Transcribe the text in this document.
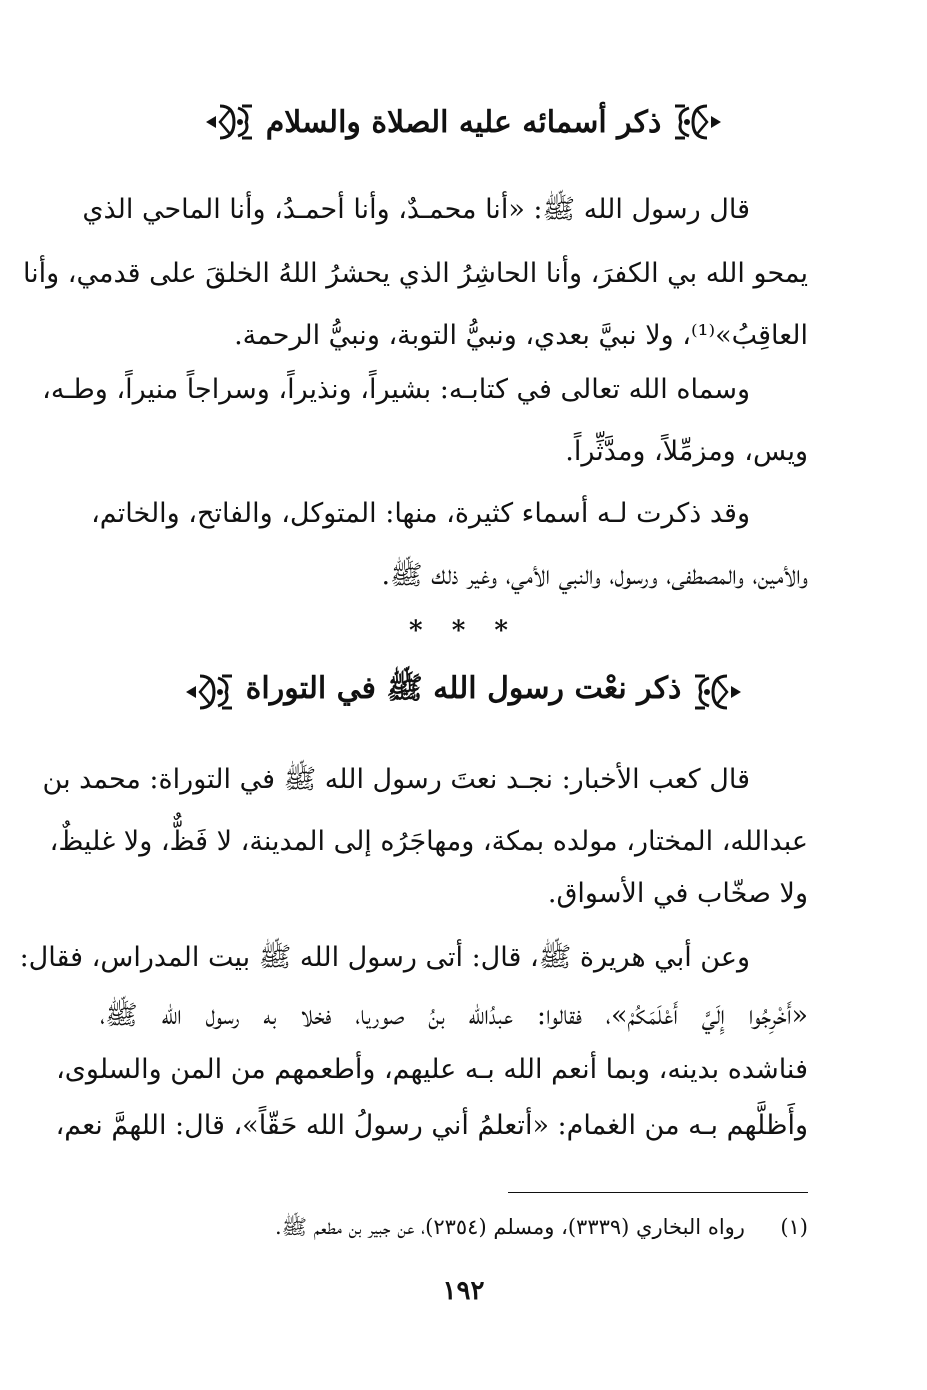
ذكر أسمائه عليه الصلاة والسلام
قال رسول الله ﷺ: «أنا محمـدٌ، وأنا أحمـدُ، وأنا الماحي الذي
يمحو الله بي الكفرَ، وأنا الحاشِرُ الذي يحشرُ اللهُ الخلقَ على قدمي، وأنا
العاقِبُ»⁽¹⁾، ولا نبيَّ بعدي، ونبيُّ التوبة، ونبيُّ الرحمة.
وسماه الله تعالى في كتابـه: بشيراً، ونذيراً، وسراجاً منيراً، وطـه،
ويس، ومزمِّلاً، ومدَّثِّراً.
وقد ذكرت لـه أسماء كثيرة، منها: المتوكل، والفاتح، والخاتم،
والأمين، والمصطفى، ورسول، والنبي الأمي، وغير ذلك ﷺ.
* * *
ذكر نعْت رسول الله ﷺ في التوراة
قال كعب الأخبار: نجـد نعتَ رسول الله ﷺ في التوراة: محمد بن
عبدالله، المختار، مولده بمكة، ومهاجَرُه إلى المدينة، لا فَظٌّ، ولا غليظٌ،
ولا صخّاب في الأسواق.
وعن أبي هريرة ﷺ، قال: أتى رسول الله ﷺ بيت المدراس، فقال:
«أَخْرِجُوا إِلَيَّ أَعْلَمَكُمْ»، فقالوا: عبدُالله بنُ صوريا، فخلا به رسول الله ﷺ،
فناشده بدينه، وبما أنعم الله بـه عليهم، وأطعمهم من المن والسلوى،
وأَظلَّهم بـه من الغمام: «أتعلمُ أني رسولُ الله حَقّاً»، قال: اللهمَّ نعم،
(١)  رواه البخاري (٣٣٣٩)، ومسلم (٢٣٥٤)، عن جبير بن مطعم ﷺ.
١٩٢
